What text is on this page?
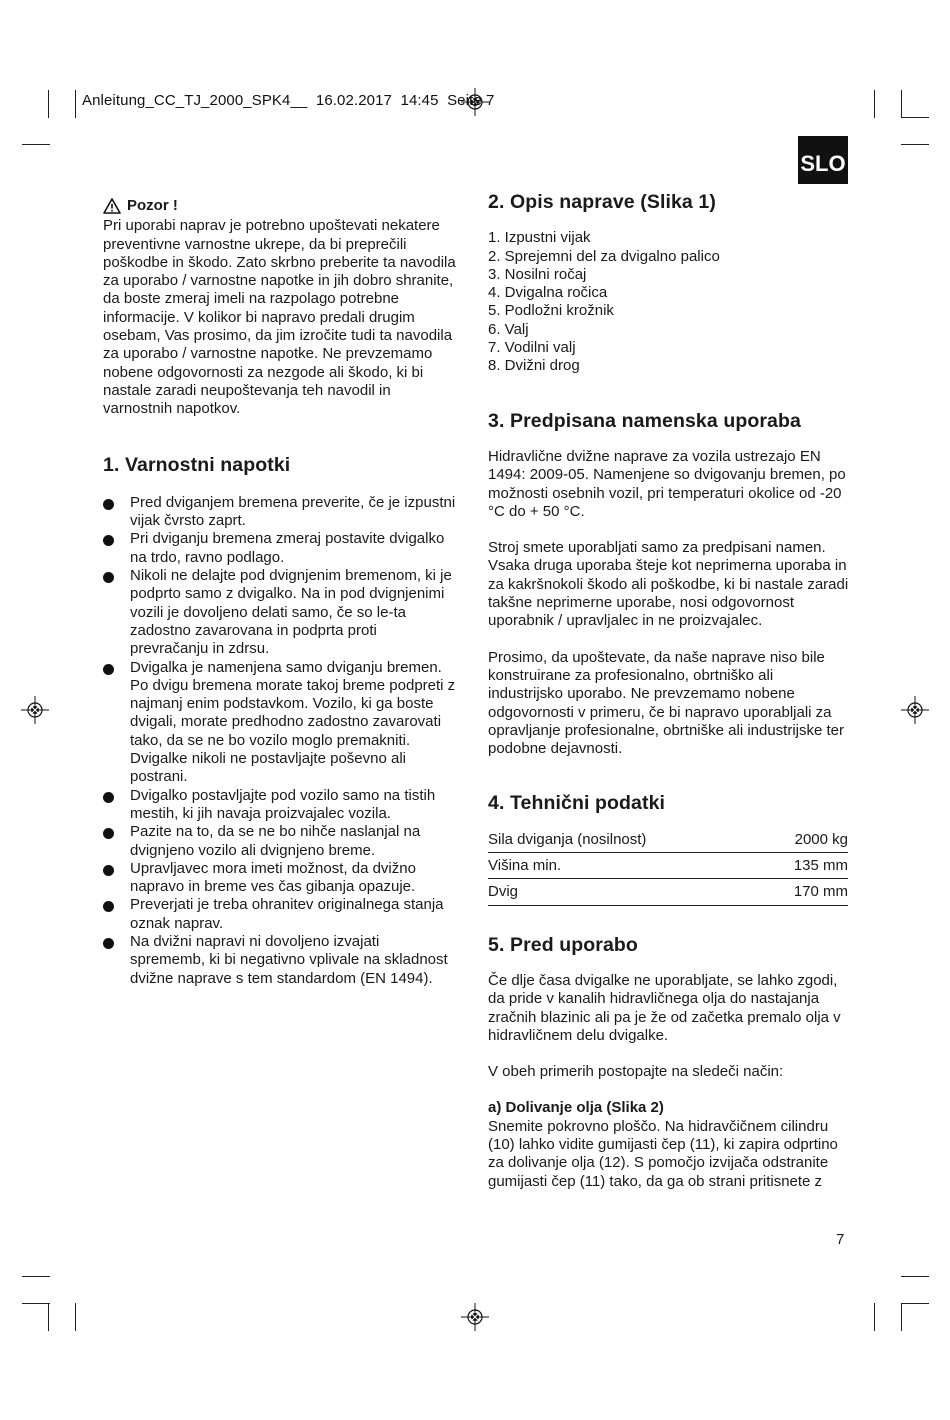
Anleitung_CC_TJ_2000_SPK4__  16.02.2017  14:45  Seite 7
SLO
Pozor !

Pri uporabi naprav je potrebno upoštevati nekatere preventivne varnostne ukrepe, da bi preprečili poškodbe in škodo. Zato skrbno preberite ta navodila za uporabo / varnostne napotke in jih dobro shranite, da boste zmeraj imeli na razpolago potrebne informacije. V kolikor bi napravo predali drugim osebam, Vas prosimo, da jim izročite tudi ta navodila za uporabo / varnostne napotke. Ne prevzemamo nobene odgovornosti za nezgode ali škodo, ki bi nastale zaradi neupoštevanja teh navodil in varnostnih napotkov.

1. Varnostni napotki
Pred dviganjem bremena preverite, če je izpustni vijak čvrsto zaprt.
Pri dviganju bremena zmeraj postavite dvigalko na trdo, ravno podlago.
Nikoli ne delajte pod dvignjenim bremenom, ki je podprto samo z dvigalko. Na in pod dvignjenimi vozili je dovoljeno delati samo, če so le-ta zadostno zavarovana in podprta proti prevračanju in zdrsu.
Dvigalka je namenjena samo dviganju bremen. Po dvigu bremena morate takoj breme podpreti z najmanj enim podstavkom. Vozilo, ki ga boste dvigali, morate predhodno zadostno zavarovati tako, da se ne bo vozilo moglo premakniti. Dvigalke nikoli ne postavljajte poševno ali postrani.
Dvigalko postavljajte pod vozilo samo na tistih mestih, ki jih navaja proizvajalec vozila.
Pazite na to, da se ne bo nihče naslanjal na dvignjeno vozilo ali dvignjeno breme.
Upravljavec mora imeti možnost, da dvižno napravo in breme ves čas gibanja opazuje.
Preverjati je treba ohranitev originalnega stanja oznak naprav.
Na dvižni napravi ni dovoljeno izvajati sprememb, ki bi negativno vplivale na skladnost dvižne naprave s tem standardom (EN 1494).
2. Opis naprave (Slika 1)
1. Izpustni vijak
2. Sprejemni del za dvigalno palico
3. Nosilni ročaj
4. Dvigalna ročica
5. Podložni krožnik
6. Valj
7. Vodilni valj
8. Dvižni drog
3. Predpisana namenska uporaba

Hidravlične dvižne naprave za vozila ustrezajo EN 1494: 2009-05. Namenjene so dvigovanju bremen, po možnosti osebnih vozil, pri temperaturi okolice od -20 °C do + 50 °C.

Stroj smete uporabljati samo za predpisani namen. Vsaka druga uporaba šteje kot neprimerna uporaba in za kakršnokoli škodo ali poškodbe, ki bi nastale zaradi takšne neprimerne uporabe, nosi odgovornost uporabnik / upravljalec in ne proizvajalec.

Prosimo, da upoštevate, da naše naprave niso bile konstruirane za profesionalno, obrtniško ali industrijsko uporabo. Ne prevzemamo nobene odgovornosti v primeru, če bi napravo uporabljali za opravljanje profesionalne, obrtniške ali industrijske ter podobne dejavnosti.

4. Tehnični podatki
Sila dviganja (nosilnost)	2000 kg
Višina min.	135 mm
Dvig	170 mm
5. Pred uporabo

Če dlje časa dvigalke ne uporabljate, se lahko zgodi, da pride v kanalih hidravličnega olja do nastajanja zračnih blazinic ali pa je že od začetka premalo olja v hidravličnem delu dvigalke.

V obeh primerih postopajte na sledeči način:

a) Dolivanje olja (Slika 2)

Snemite pokrovno ploščo. Na hidravčičnem cilindru (10) lahko vidite gumijasti čep (11), ki zapira odprtino za dolivanje olja (12). S pomočjo izvijača odstranite gumijasti čep (11) tako, da ga ob strani pritisnete z

7
